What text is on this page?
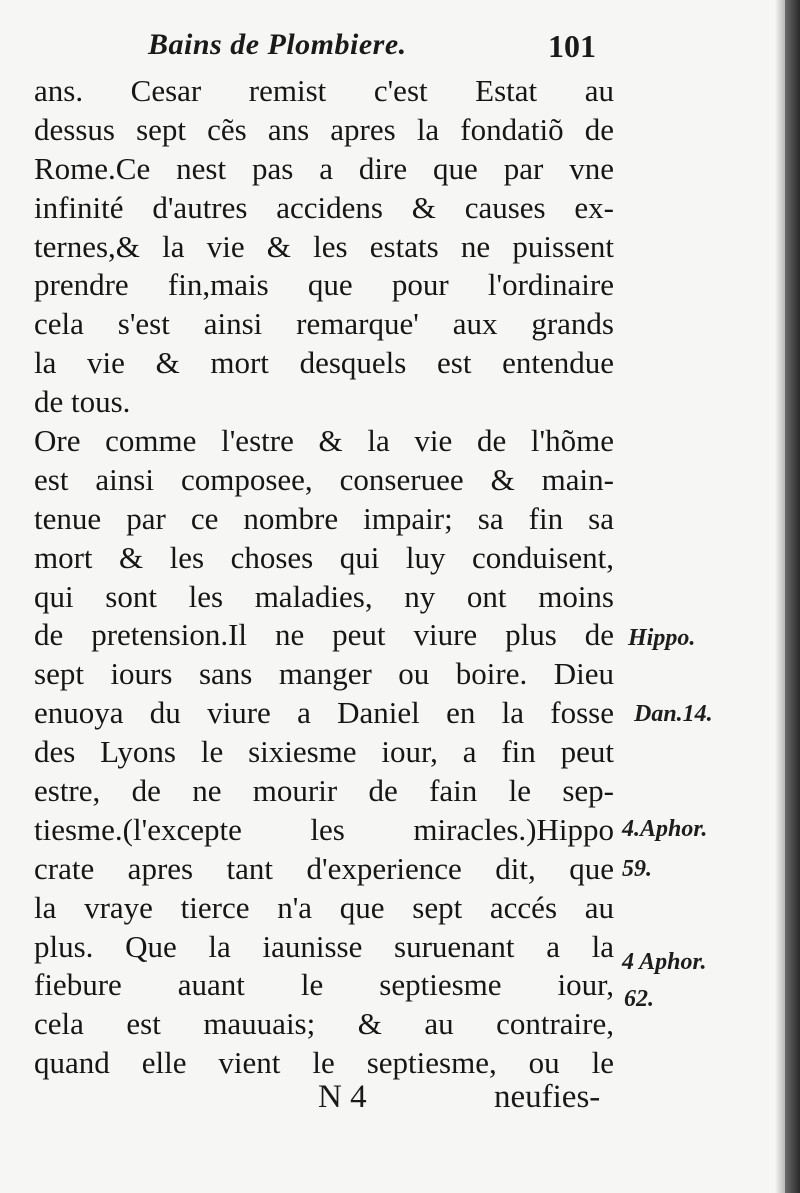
Bains de Plombiere.	101
ans. Cesar remist c'est Estat au
dessus sept cẽs ans apres la fondatiõ de
Rome.Ce nest pas a dire que par vne
infinité d'autres accidens & causes ex-
ternes,& la vie & les estats ne puissent
prendre fin,mais que pour l'ordinaire
cela s'est ainsi remarque' aux grands
la vie & mort desquels est entendue
de tous.
Ore comme l'estre & la vie de l'hõme
est ainsi composee, conseruee & main-
tenue par ce nombre impair; sa fin sa
mort & les choses qui luy conduisent,
qui sont les maladies, ny ont moins
de pretension.Il ne peut viure plus de
sept iours sans manger ou boire. Dieu
enuoya du viure a Daniel en la fosse
des Lyons le sixiesme iour, a fin peut
estre, de ne mourir de fain le sep-
tiesme.(l'excepte les miracles.)Hippo
crate apres tant d'experience dit, que
la vraye tierce n'a que sept accés au
plus. Que la iaunisse suruenant a la
fiebure auant le septiesme iour,
cela est mauuais; & au contraire,
quand elle vient le septiesme, ou le
Hippo.
Dan.14.
4.Aphor.
59.
4 Aphor.
62.
N 4	neufies-
